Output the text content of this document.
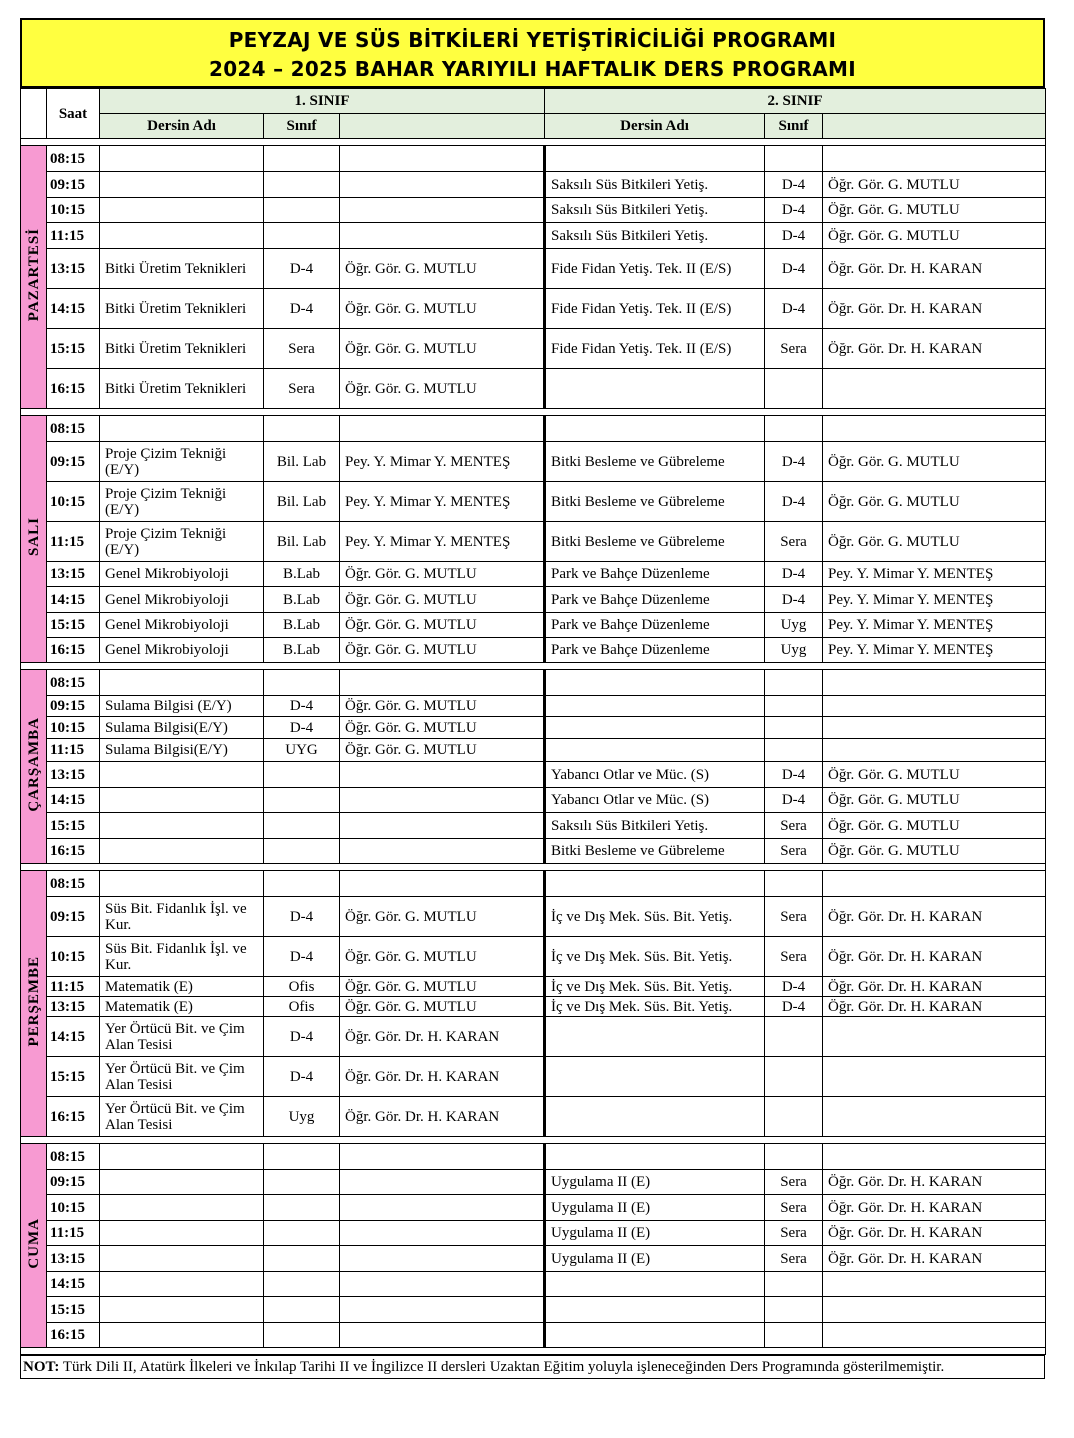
PEYZAJ VE SÜS BİTKİLERİ YETİŞTİRİCİLİĞİ PROGRAMI
2024 – 2025 BAHAR YARIYILI HAFTALIK DERS PROGRAMI
	Saat	1. SINIF			2. SINIF		
		Dersin Adı	Sınıf		Dersin Adı	Sınıf	

PAZARTESİ	08:15						
	09:15				Saksılı Süs Bitkileri Yetiş.	D-4	Öğr. Gör. G. MUTLU
	10:15				Saksılı Süs Bitkileri Yetiş.	D-4	Öğr. Gör. G. MUTLU
	11:15				Saksılı Süs Bitkileri Yetiş.	D-4	Öğr. Gör. G. MUTLU
	13:15	Bitki Üretim Teknikleri	D-4	Öğr. Gör. G. MUTLU	Fide Fidan Yetiş. Tek. II (E/S)	D-4	Öğr. Gör. Dr. H. KARAN
	14:15	Bitki Üretim Teknikleri	D-4	Öğr. Gör. G. MUTLU	Fide Fidan Yetiş. Tek. II (E/S)	D-4	Öğr. Gör. Dr. H. KARAN
	15:15	Bitki Üretim Teknikleri	Sera	Öğr. Gör. G. MUTLU	Fide Fidan Yetiş. Tek. II (E/S)	Sera	Öğr. Gör. Dr. H. KARAN
	16:15	Bitki Üretim Teknikleri	Sera	Öğr. Gör. G. MUTLU			

SALI	08:15						
	09:15	Proje Çizim Tekniği (E/Y)	Bil. Lab	Pey. Y. Mimar Y. MENTEŞ	Bitki Besleme ve Gübreleme	D-4	Öğr. Gör. G. MUTLU
	10:15	Proje Çizim Tekniği (E/Y)	Bil. Lab	Pey. Y. Mimar Y. MENTEŞ	Bitki Besleme ve Gübreleme	D-4	Öğr. Gör. G. MUTLU
	11:15	Proje Çizim Tekniği (E/Y)	Bil. Lab	Pey. Y. Mimar Y. MENTEŞ	Bitki Besleme ve Gübreleme	Sera	Öğr. Gör. G. MUTLU
	13:15	Genel Mikrobiyoloji	B.Lab	Öğr. Gör. G. MUTLU	Park ve Bahçe Düzenleme	D-4	Pey. Y. Mimar Y. MENTEŞ
	14:15	Genel Mikrobiyoloji	B.Lab	Öğr. Gör. G. MUTLU	Park ve Bahçe Düzenleme	D-4	Pey. Y. Mimar Y. MENTEŞ
	15:15	Genel Mikrobiyoloji	B.Lab	Öğr. Gör. G. MUTLU	Park ve Bahçe Düzenleme	Uyg	Pey. Y. Mimar Y. MENTEŞ
	16:15	Genel Mikrobiyoloji	B.Lab	Öğr. Gör. G. MUTLU	Park ve Bahçe Düzenleme	Uyg	Pey. Y. Mimar Y. MENTEŞ

ÇARŞAMBA	08:15						
	09:15	Sulama Bilgisi (E/Y)	D-4	Öğr. Gör. G. MUTLU			
	10:15	Sulama Bilgisi(E/Y)	D-4	Öğr. Gör. G. MUTLU			
	11:15	Sulama Bilgisi(E/Y)	UYG	Öğr. Gör. G. MUTLU			
	13:15				Yabancı Otlar ve Müc. (S)	D-4	Öğr. Gör. G. MUTLU
	14:15				Yabancı Otlar ve Müc. (S)	D-4	Öğr. Gör. G. MUTLU
	15:15				Saksılı Süs Bitkileri Yetiş.	Sera	Öğr. Gör. G. MUTLU
	16:15				Bitki Besleme ve Gübreleme	Sera	Öğr. Gör. G. MUTLU

PERŞEMBE	08:15						
	09:15	Süs Bit. Fidanlık İşl. ve Kur.	D-4	Öğr. Gör. G. MUTLU	İç ve Dış Mek. Süs. Bit. Yetiş.	Sera	Öğr. Gör. Dr. H. KARAN
	10:15	Süs Bit. Fidanlık İşl. ve Kur.	D-4	Öğr. Gör. G. MUTLU	İç ve Dış Mek. Süs. Bit. Yetiş.	Sera	Öğr. Gör. Dr. H. KARAN
	11:15	Matematik (E)	Ofis	Öğr. Gör. G. MUTLU	İç ve Dış Mek. Süs. Bit. Yetiş.	D-4	Öğr. Gör. Dr. H. KARAN
	13:15	Matematik (E)	Ofis	Öğr. Gör. G. MUTLU	İç ve Dış Mek. Süs. Bit. Yetiş.	D-4	Öğr. Gör. Dr. H. KARAN
	14:15	Yer Örtücü Bit. ve Çim Alan Tesisi	D-4	Öğr. Gör. Dr. H. KARAN			
	15:15	Yer Örtücü Bit. ve Çim Alan Tesisi	D-4	Öğr. Gör. Dr. H. KARAN			
	16:15	Yer Örtücü Bit. ve Çim Alan Tesisi	Uyg	Öğr. Gör. Dr. H. KARAN			

CUMA	08:15						
	09:15				Uygulama II (E)	Sera	Öğr. Gör. Dr. H. KARAN
	10:15				Uygulama II (E)	Sera	Öğr. Gör. Dr. H. KARAN
	11:15				Uygulama II (E)	Sera	Öğr. Gör. Dr. H. KARAN
	13:15				Uygulama II (E)	Sera	Öğr. Gör. Dr. H. KARAN
	14:15						
	15:15						
	16:15						

NOT: Türk Dili II, Atatürk İlkeleri ve İnkılap Tarihi II ve İngilizce II dersleri Uzaktan Eğitim yoluyla işleneceğinden Ders Programında gösterilmemiştir.
